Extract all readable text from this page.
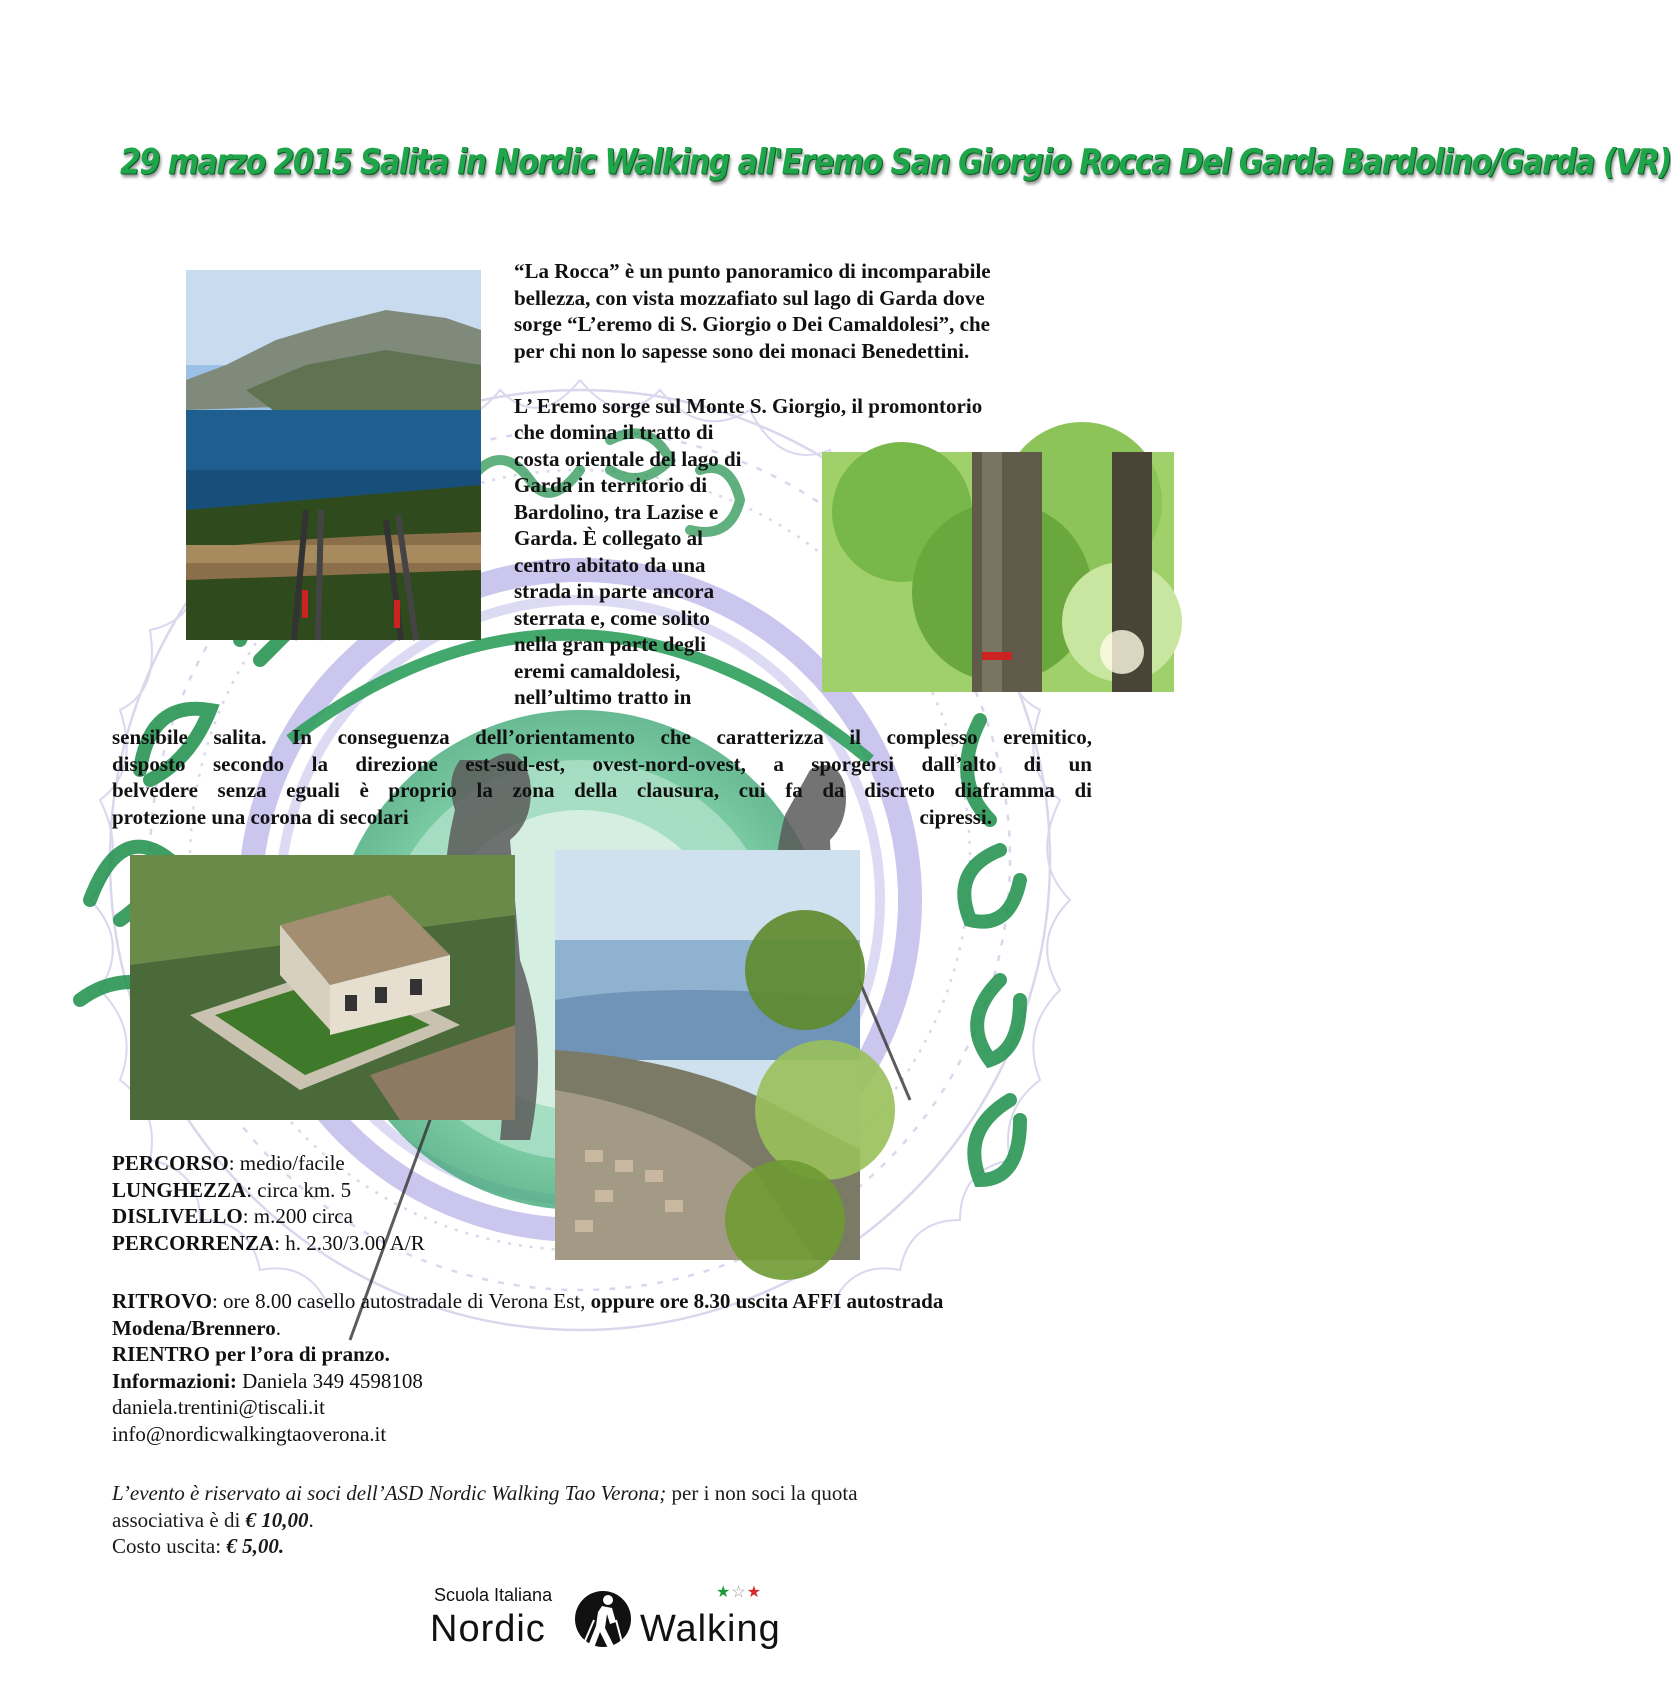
29 marzo 2015 Salita in Nordic Walking all'Eremo San Giorgio Rocca Del Garda Bardolino/Garda (VR)
“La Rocca” è un punto panoramico di incomparabile
bellezza, con vista mozzafiato sul lago di Garda dove
sorge “L’eremo di S. Giorgio o Dei Camaldolesi”, che
per chi non lo sapesse sono dei monaci Benedettini.
L’ Eremo sorge sul Monte S. Giorgio, il promontorio
che domina il tratto di
costa orientale del lago di
Garda in territorio di
Bardolino, tra Lazise e
Garda. È collegato al
centro abitato da una
strada in parte ancora
sterrata e, come solito
nella gran parte degli
eremi camaldolesi,
nell’ultimo tratto in
sensibile salita. In conseguenza dell’orientamento che caratterizza il complesso eremitico,
disposto secondo la direzione est-sud-est, ovest-nord-ovest, a sporgersi dall’alto di un
belvedere senza eguali è proprio la zona della clausura, cui fa da discreto diaframma di
protezione una corona di secolari	cipressi.
PERCORSO: medio/facile
LUNGHEZZA: circa km. 5
DISLIVELLO: m.200 circa
PERCORRENZA: h. 2.30/3.00 A/R
RITROVO: ore 8.00 casello autostradale di Verona Est, oppure ore 8.30 uscita AFFI autostrada
Modena/Brennero.
RIENTRO per l’ora di pranzo.
Informazioni: Daniela 349 4598108
daniela.trentini@tiscali.it
info@nordicwalkingtaoverona.it
L’evento è riservato ai soci dell’ASD Nordic Walking Tao Verona; per i non soci la quota
associativa è di € 10,00.
Costo uscita: € 5,00.
Scuola Italiana
Nordic Walking
★☆★
